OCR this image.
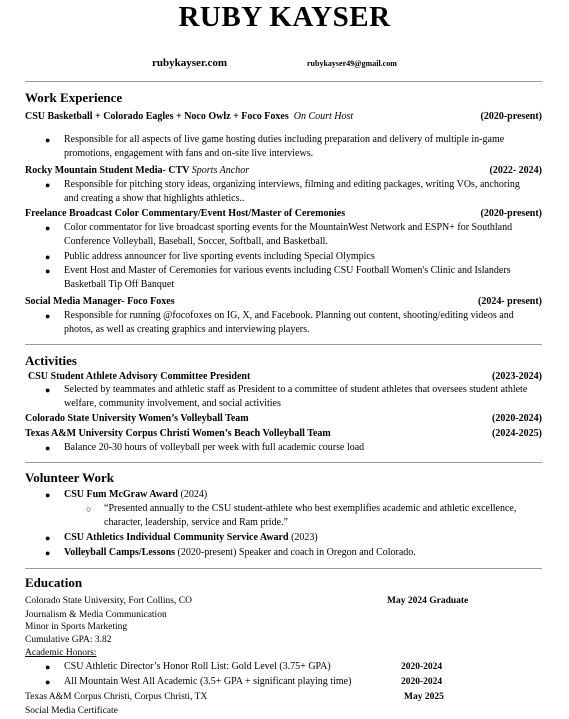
RUBY KAYSER
rubykayser.com	rubykayser49@gmail.com
Work Experience
CSU Basketball + Colorado Eagles + Noco Owlz + Foco Foxes On Court Host	(2020-present)
● Responsible for all aspects of live game hosting duties including preparation and delivery of multiple in-game promotions, engagement with fans and on-site live interviews.
Rocky Mountain Student Media- CTV Sports Anchor	(2022- 2024)
● Responsible for pitching story ideas, organizing interviews, filming and editing packages, writing VOs, anchoring and creating a show that highlights athletics..
Freelance Broadcast Color Commentary/Event Host/Master of Ceremonies	(2020-present)
● Color commentator for live broadcast sporting events for the MountainWest Network and ESPN+ for Southland Conference Volleyball, Baseball, Soccer, Softball, and Basketball.
● Public address announcer for live sporting events including Special Olympics
● Event Host and Master of Ceremonies for various events including CSU Football Women's Clinic and Islanders Basketball Tip Off Banquet
Social Media Manager- Foco Foxes	(2024- present)
● Responsible for running @focofoxes on IG, X, and Facebook. Planning out content, shooting/editing videos and photos, as well as creating graphics and interviewing players.
Activities
CSU Student Athlete Advisory Committee President	(2023-2024)
● Selected by teammates and athletic staff as President to a committee of student athletes that oversees student athlete welfare, community involvement, and social activities
Colorado State University Women’s Volleyball Team	(2020-2024)
Texas A&M University Corpus Christi Women’s Beach Volleyball Team	(2024-2025)
● Balance 20-30 hours of volleyball per week with full academic course load
Volunteer Work
● CSU Fum McGraw Award (2024)
○ “Presented annually to the CSU student-athlete who best exemplifies academic and athletic excellence, character, leadership, service and Ram pride.”
● CSU Athletics Individual Community Service Award (2023)
● Volleyball Camps/Lessons (2020-present) Speaker and coach in Oregon and Colorado.
Education
Colorado State University, Fort Collins, CO	May 2024 Graduate
Journalism & Media Communication
Minor in Sports Marketing
Cumulative GPA: 3.82
Academic Honors:
● CSU Athletic Director’s Honor Roll List: Gold Level (3.75+ GPA)	2020-2024
● All Mountain West All Academic (3.5+ GPA + significant playing time)	2020-2024
Texas A&M Corpus Christi, Corpus Christi, TX	May 2025
Social Media Certificate
